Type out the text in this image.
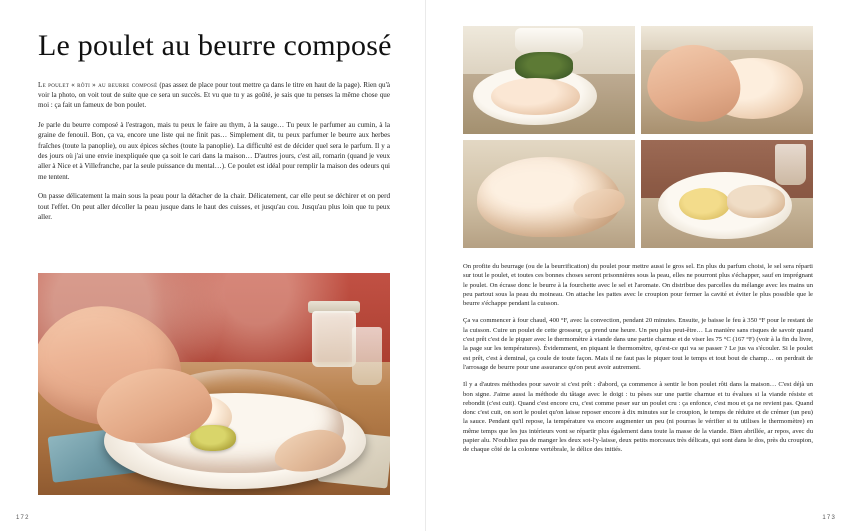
Le poulet au beurre composé

Le poulet « rôti » au beurre composé (pas assez de place pour tout mettre ça dans le titre en haut de la page). Rien qu'à voir la photo, on voit tout de suite que ce sera un succès. Et vu que tu y as goûté, je sais que tu penses la même chose que moi : ça fait un fameux de bon poulet.

Je parle du beurre composé à l'estragon, mais tu peux le faire au thym, à la sauge… Tu peux le parfumer au cumin, à la graine de fenouil. Bon, ça va, encore une liste qui ne finit pas… Simplement dit, tu peux parfumer le beurre aux herbes fraîches (toute la panoplie), ou aux épices sèches (toute la panoplie). La difficulté est de décider quel sera le parfum. Il y a des jours où j'ai une envie inexpliquée que ça soit le cari dans la maison… D'autres jours, c'est ail, romarin (quand je veux aller à Nice et à Villefranche, par la seule puissance du mental…). Ce poulet est idéal pour remplir la maison des odeurs qui me tentent.

On passe délicatement la main sous la peau pour la détacher de la chair. Délicatement, car elle peut se déchirer et on perd tout l'effet. On peut aller décoller la peau jusque dans le haut des cuisses, et jusqu'au cou. Jusqu'au plus loin que tu peux aller.

172	173

On profite du beurrage (ou de la beurrification) du poulet pour mettre aussi le gros sel. En plus du parfum choisi, le sel sera réparti sur tout le poulet, et toutes ces bonnes choses seront prisonnières sous la peau, elles ne pourront plus s'échapper, sauf en imprégnant le poulet. On écrase donc le beurre à la fourchette avec le sel et l'aromate. On distribue des parcelles du mélange avec les mains un peu partout sous la peau du moineau. On attache les pattes avec le croupion pour fermer la cavité et éviter le plus possible que le beurre s'échappe pendant la cuisson.

Ça va commencer à four chaud, 400 °F, avec la convection, pendant 20 minutes. Ensuite, je baisse le feu à 350 °F pour le restant de la cuisson. Cuire un poulet de cette grosseur, ça prend une heure. Un peu plus peut-être… La manière sans risques de savoir quand c'est prêt c'est de le piquer avec le thermomètre à viande dans une partie charnue et de viser les 75 °C (167 °F) (voir à la fin du livre, la page sur les températures). Évidemment, en piquant le thermomètre, qu'est-ce qui va se passer ? Le jus va s'écouler. Si le poulet est prêt, c'est à deminal, ça coule de toute façon. Mais il ne faut pas le piquer tout le temps et tout bout de champ… on perdrait de l'arrosage de beurre pour une assurance qu'on peut avoir autrement.

Il y a d'autres méthodes pour savoir si c'est prêt : d'abord, ça commence à sentir le bon poulet rôti dans la maison… C'est déjà un bon signe. J'aime aussi la méthode du tâtage avec le doigt : tu pèses sur une partie charnue et tu évalues si la viande résiste et rebondit (c'est cuit). Quand c'est encore cru, c'est comme peser sur un poulet cru : ça enfonce, c'est mou et ça ne revient pas. Quand donc c'est cuit, on sort le poulet qu'on laisse reposer encore à dix minutes sur le croupion, le temps de réduire et de crémer (un peu) la sauce. Pendant qu'il repose, la température va encore augmenter un peu (ni pourras le vérifier si tu utilises le thermomètre) en même temps que les jus intérieurs vont se répartir plus également dans toute la masse de la viande. Bien abrillée, ar repos, avec du papier alu. N'oubliez pas de manger les deux sot-l'y-laisse, deux petits morceaux très délicats, qui sont dans le dos, près du croupion, de chaque côté de la colonne vertébrale, le délice des initiés.
